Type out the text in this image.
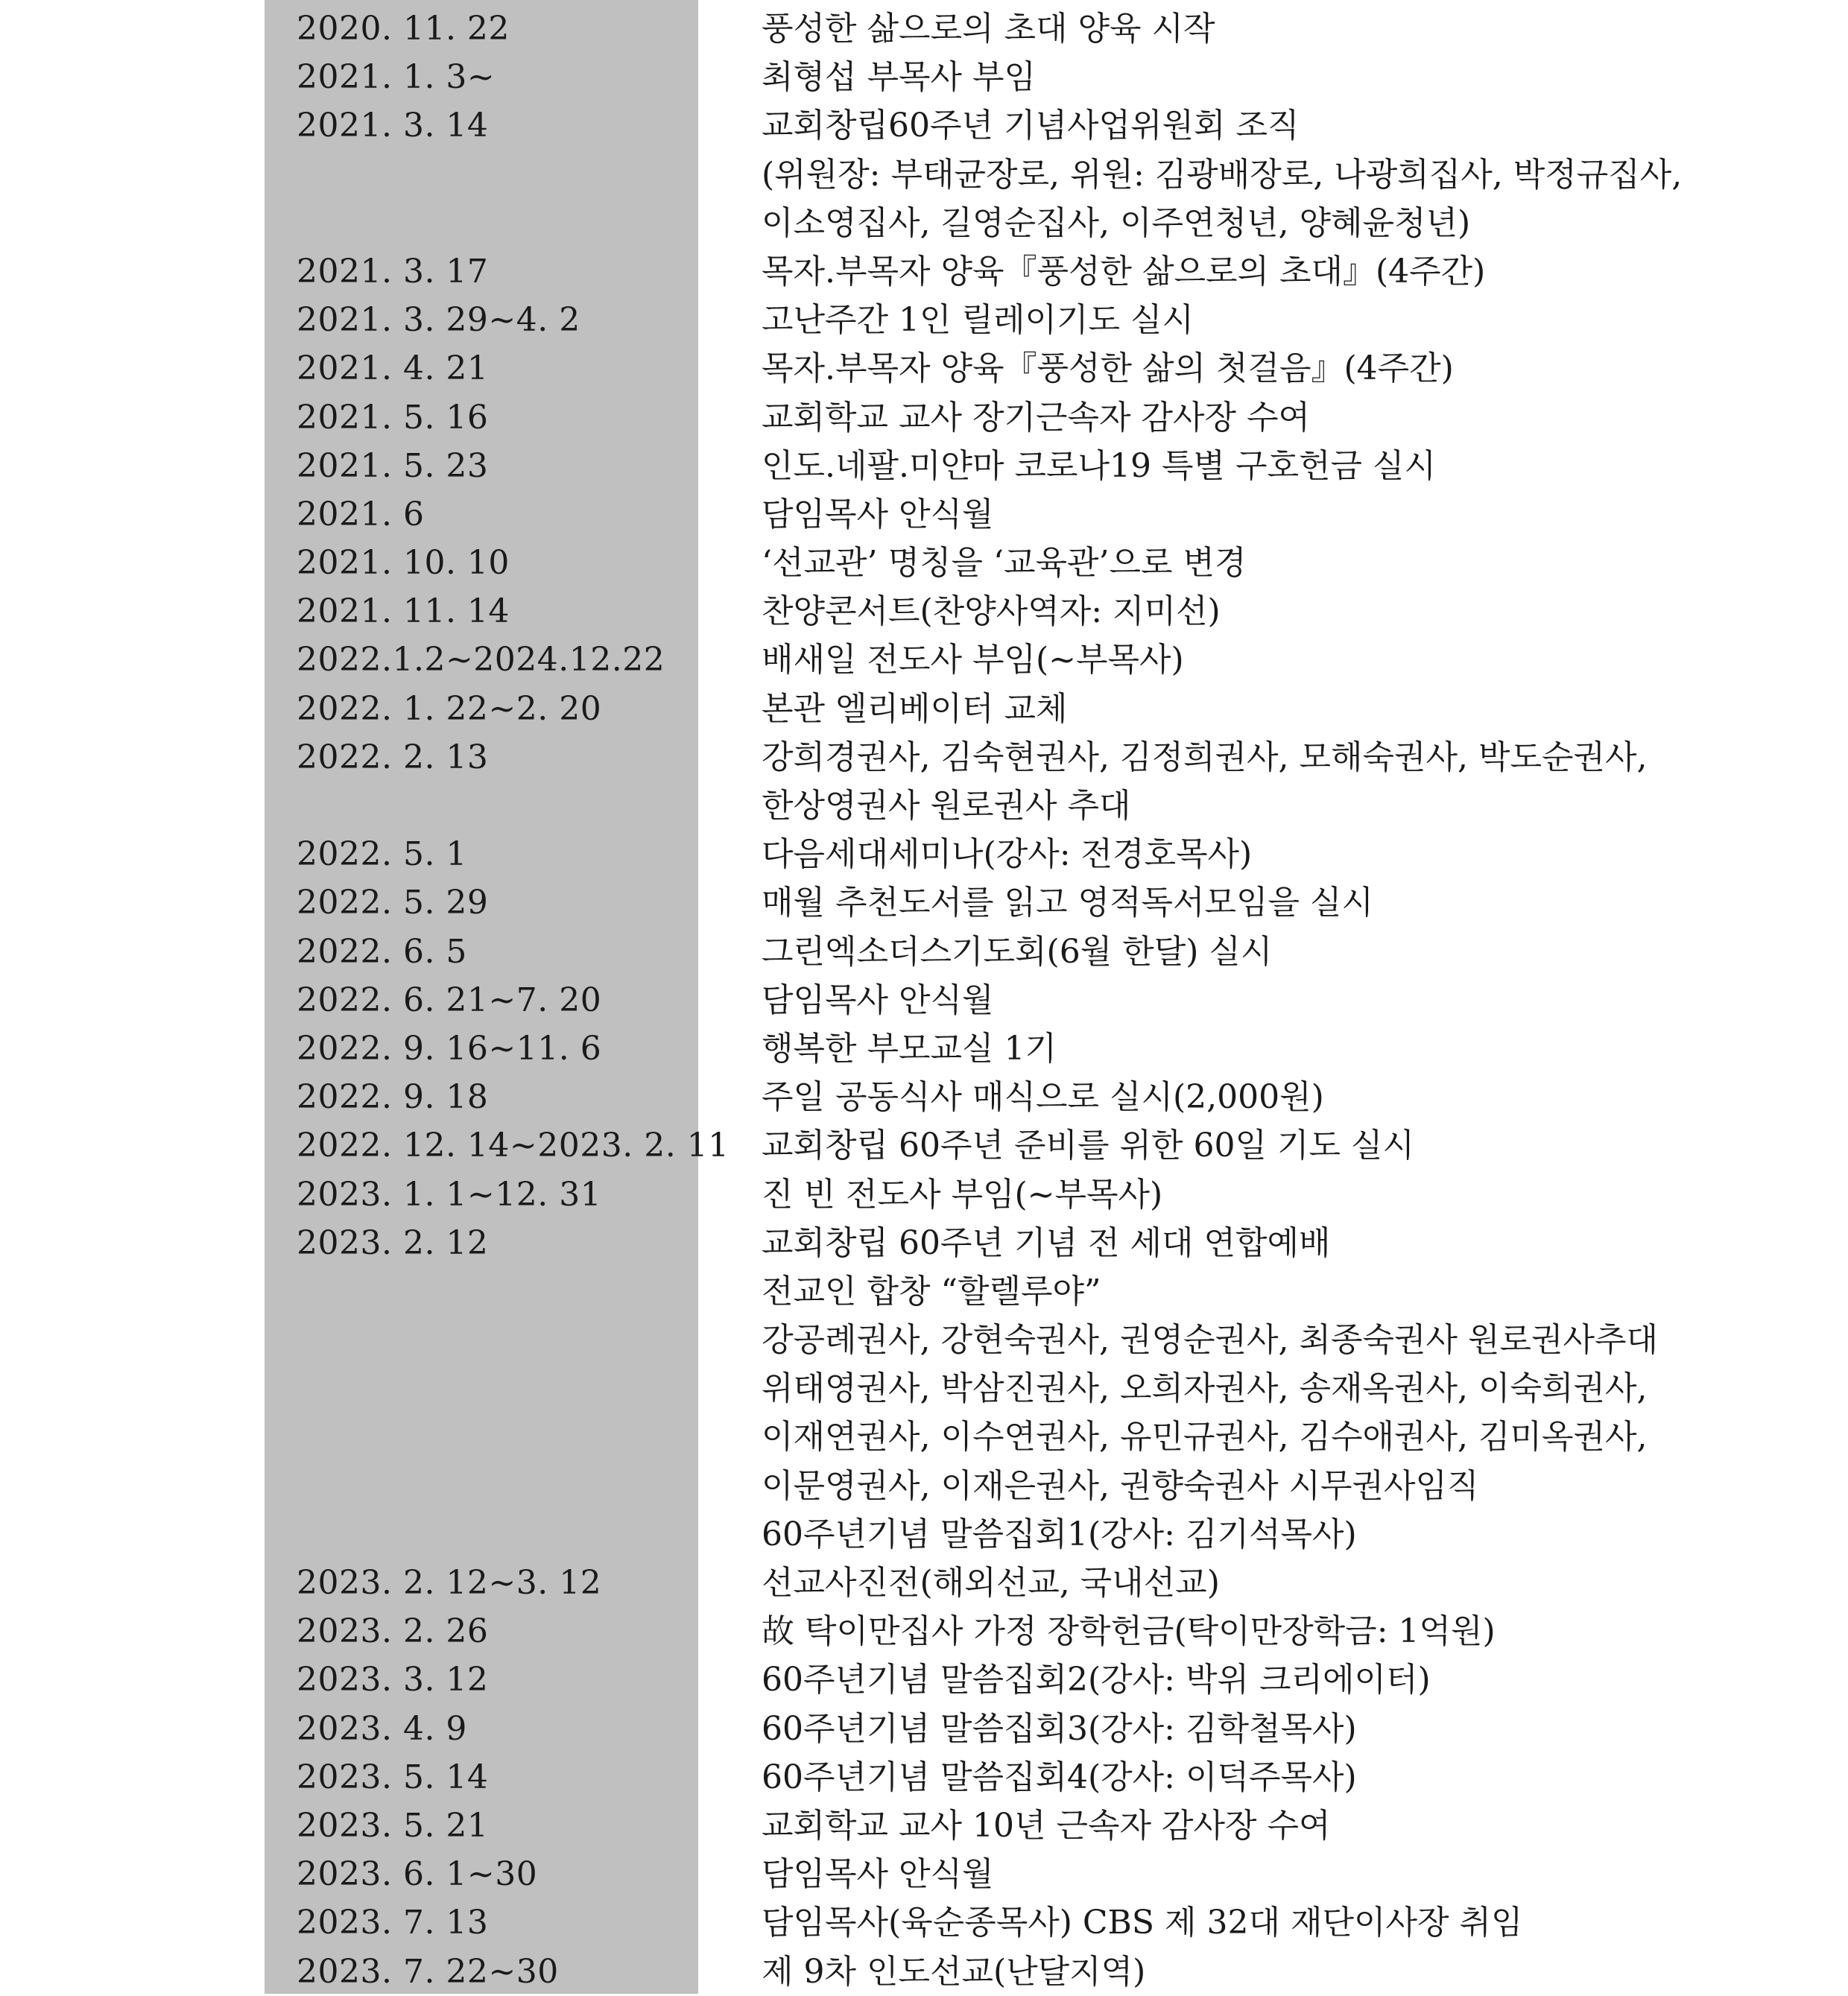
2020. 11. 22	풍성한 삶으로의 초대 양육 시작
2021. 1. 3~	최형섭 부목사 부임
2021. 3. 14	교회창립60주년 기념사업위원회 조직
(위원장: 부태균장로, 위원: 김광배장로, 나광희집사, 박정규집사,
이소영집사, 길영순집사, 이주연청년, 양혜윤청년)
2021. 3. 17	목자.부목자 양육『풍성한 삶으로의 초대』(4주간)
2021. 3. 29~4. 2	고난주간 1인 릴레이기도 실시
2021. 4. 21	목자.부목자 양육『풍성한 삶의 첫걸음』(4주간)
2021. 5. 16	교회학교 교사 장기근속자 감사장 수여
2021. 5. 23	인도.네팔.미얀마 코로나19 특별 구호헌금 실시
2021. 6	담임목사 안식월
2021. 10. 10	‘선교관’ 명칭을 ‘교육관’으로 변경
2021. 11. 14	찬양콘서트(찬양사역자: 지미선)
2022.1.2~2024.12.22	배새일 전도사 부임(~부목사)
2022. 1. 22~2. 20	본관 엘리베이터 교체
2022. 2. 13	강희경권사, 김숙현권사, 김정희권사, 모해숙권사, 박도순권사,
한상영권사 원로권사 추대
2022. 5. 1	다음세대세미나(강사: 전경호목사)
2022. 5. 29	매월 추천도서를 읽고 영적독서모임을 실시
2022. 6. 5	그린엑소더스기도회(6월 한달) 실시
2022. 6. 21~7. 20	담임목사 안식월
2022. 9. 16~11. 6	행복한 부모교실 1기
2022. 9. 18	주일 공동식사 매식으로 실시(2,000원)
2022. 12. 14~2023. 2. 11 교회창립 60주년 준비를 위한 60일 기도 실시
2023. 1. 1~12. 31	진 빈 전도사 부임(~부목사)
2023. 2. 12	교회창립 60주년 기념 전 세대 연합예배
전교인 합창 “할렐루야”
강공례권사, 강현숙권사, 권영순권사, 최종숙권사 원로권사추대
위태영권사, 박삼진권사, 오희자권사, 송재옥권사, 이숙희권사,
이재연권사, 이수연권사, 유민규권사, 김수애권사, 김미옥권사,
이문영권사, 이재은권사, 권향숙권사 시무권사임직
60주년기념 말씀집회1(강사: 김기석목사)
2023. 2. 12~3. 12	선교사진전(해외선교, 국내선교)
2023. 2. 26	故 탁이만집사 가정 장학헌금(탁이만장학금: 1억원)
2023. 3. 12	60주년기념 말씀집회2(강사: 박위 크리에이터)
2023. 4. 9	60주년기념 말씀집회3(강사: 김학철목사)
2023. 5. 14	60주년기념 말씀집회4(강사: 이덕주목사)
2023. 5. 21	교회학교 교사 10년 근속자 감사장 수여
2023. 6. 1~30	담임목사 안식월
2023. 7. 13	담임목사(육순종목사) CBS 제 32대 재단이사장 취임
2023. 7. 22~30	제 9차 인도선교(난달지역)
